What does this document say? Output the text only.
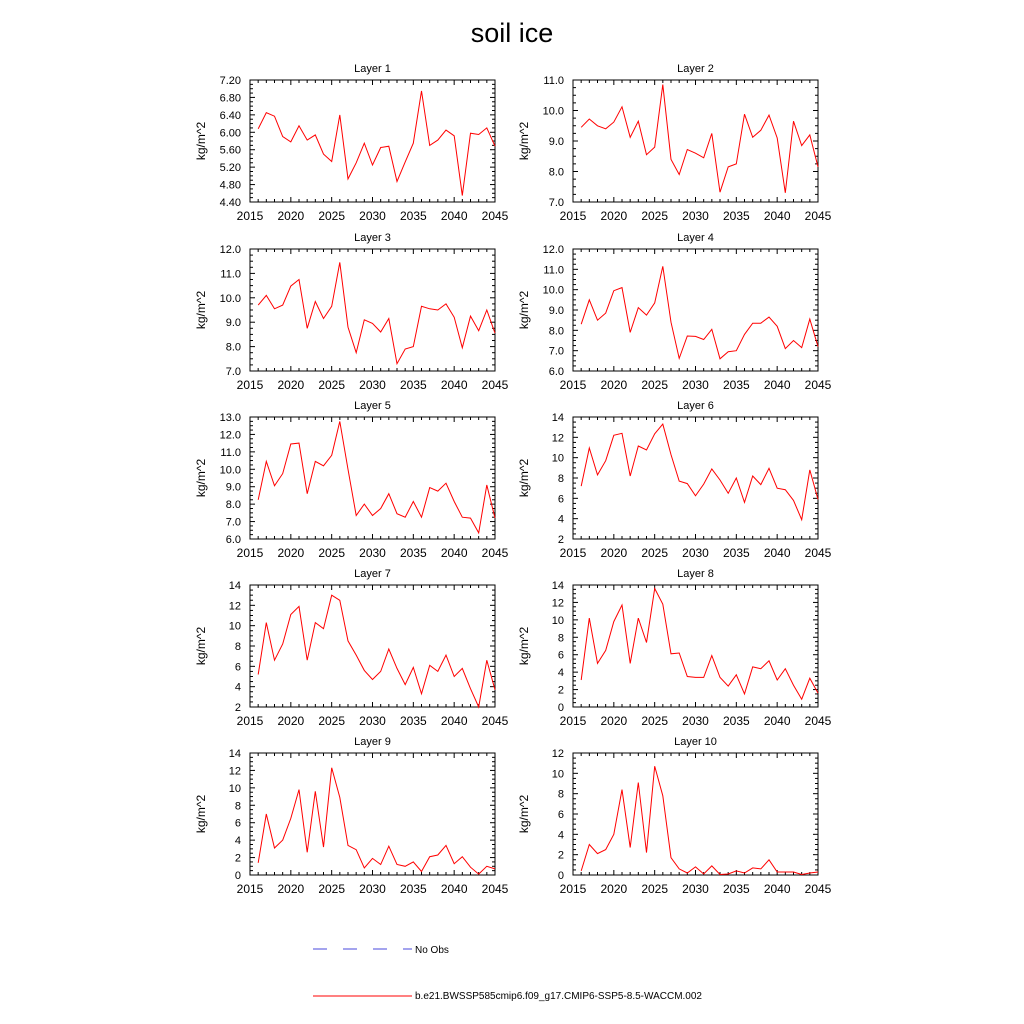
soil ice
Layer 1
kg/m^2
2015 2020 2025 2030 2035 2040 2045
4.40
4.80
5.20
5.60
6.00
6.40
6.80
7.20
Layer 2
kg/m^2
2015 2020 2025 2030 2035 2040 2045
7.0
8.0
9.0
10.0
11.0
Layer 3
kg/m^2
2015 2020 2025 2030 2035 2040 2045
7.0
8.0
9.0
10.0
11.0
12.0
Layer 4
kg/m^2
2015 2020 2025 2030 2035 2040 2045
6.0
7.0
8.0
9.0
10.0
11.0
12.0
Layer 5
kg/m^2
2015 2020 2025 2030 2035 2040 2045
6.0
7.0
8.0
9.0
10.0
11.0
12.0
13.0
Layer 6
kg/m^2
2015 2020 2025 2030 2035 2040 2045
2
4
6
8
10
12
14
Layer 7
kg/m^2
2015 2020 2025 2030 2035 2040 2045
2
4
6
8
10
12
14
Layer 8
kg/m^2
2015 2020 2025 2030 2035 2040 2045
0
2
4
6
8
10
12
14
Layer 9
kg/m^2
2015 2020 2025 2030 2035 2040 2045
0
2
4
6
8
10
12
14
Layer 10
kg/m^2
2015 2020 2025 2030 2035 2040 2045
0
2
4
6
8
10
12
No Obs
b.e21.BWSSP585cmip6.f09_g17.CMIP6-SSP5-8.5-WACCM.002
